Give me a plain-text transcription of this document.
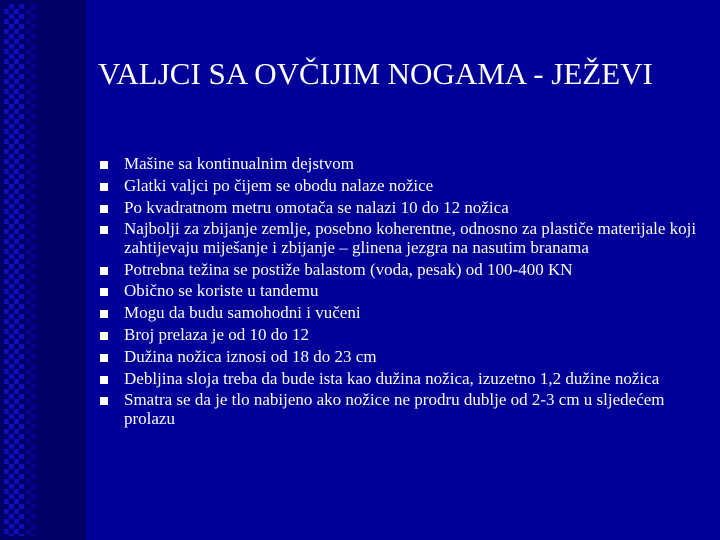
VALJCI SA OVČIJIM NOGAMA - JEŽEVI
Mašine sa kontinualnim dejstvom
Glatki valjci po čijem se obodu nalaze nožice
Po kvadratnom metru omotača se nalazi 10 do 12 nožica
Najbolji za zbijanje zemlje, posebno koherentne, odnosno za plastiče materijale koji zahtijevaju miješanje i zbijanje – glinena jezgra na nasutim branama
Potrebna težina se postiže balastom (voda, pesak) od 100-400 KN
Obično se koriste u tandemu
Mogu da budu samohodni i vučeni
Broj prelaza je od 10 do 12
Dužina nožica iznosi od 18 do 23 cm
Debljina sloja treba da bude ista kao dužina nožica, izuzetno 1,2 dužine nožica
Smatra se da je tlo nabijeno ako nožice ne prodru dublje od 2-3 cm u sljedećem prolazu
